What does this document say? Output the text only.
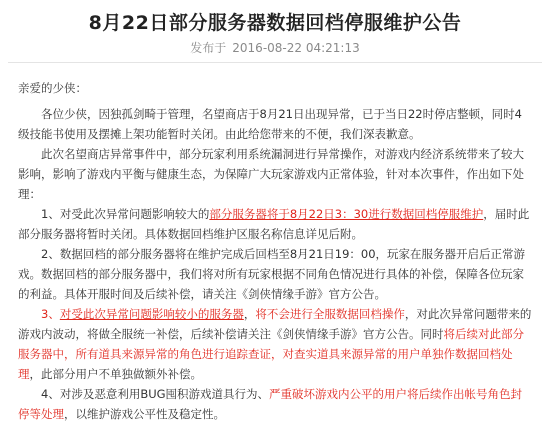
8月22日部分服务器数据回档停服维护公告
发布于 2016-08-22 04:21:13

亲爱的少侠：

各位少侠，因独孤剑畸于管理，名望商店于8月21日出现异常，已于当日22时停店整顿，同时4级技能书使用及摆摊上架功能暂时关闭。由此给您带来的不便，我们深表歉意。

此次名望商店异常事件中，部分玩家利用系统漏洞进行异常操作，对游戏内经济系统带来了较大影响，影响了游戏内平衡与健康生态，为保障广大玩家游戏内正常体验，针对本次事件，作出如下处理：

1、对受此次异常问题影响较大的部分服务器将于8月22日3：30进行数据回档停服维护，届时此部分服务器将暂时关闭。具体数据回档维护区服名称信息详见后附。

2、数据回档的部分服务器将在维护完成后回档至8月21日19：00，玩家在服务器开启后正常游戏。数据回档的部分服务器中，我们将对所有玩家根据不同角色情况进行具体的补偿，保障各位玩家的利益。具体开服时间及后续补偿，请关注《剑侠情缘手游》官方公告。

3、对受此次异常问题影响较小的服务器，将不会进行全服数据回档操作，对此次异常问题带来的游戏内波动，将做全服统一补偿，后续补偿请关注《剑侠情缘手游》官方公告。同时将后续对此部分服务器中，所有道具来源异常的角色进行追踪查证，对查实道具来源异常的用户单独作数据回档处理，此部分用户不单独做额外补偿。

4、对涉及恶意利用BUG囤积游戏道具行为、严重破坏游戏内公平的用户将后续作出帐号角色封停等处理，以维护游戏公平性及稳定性。
